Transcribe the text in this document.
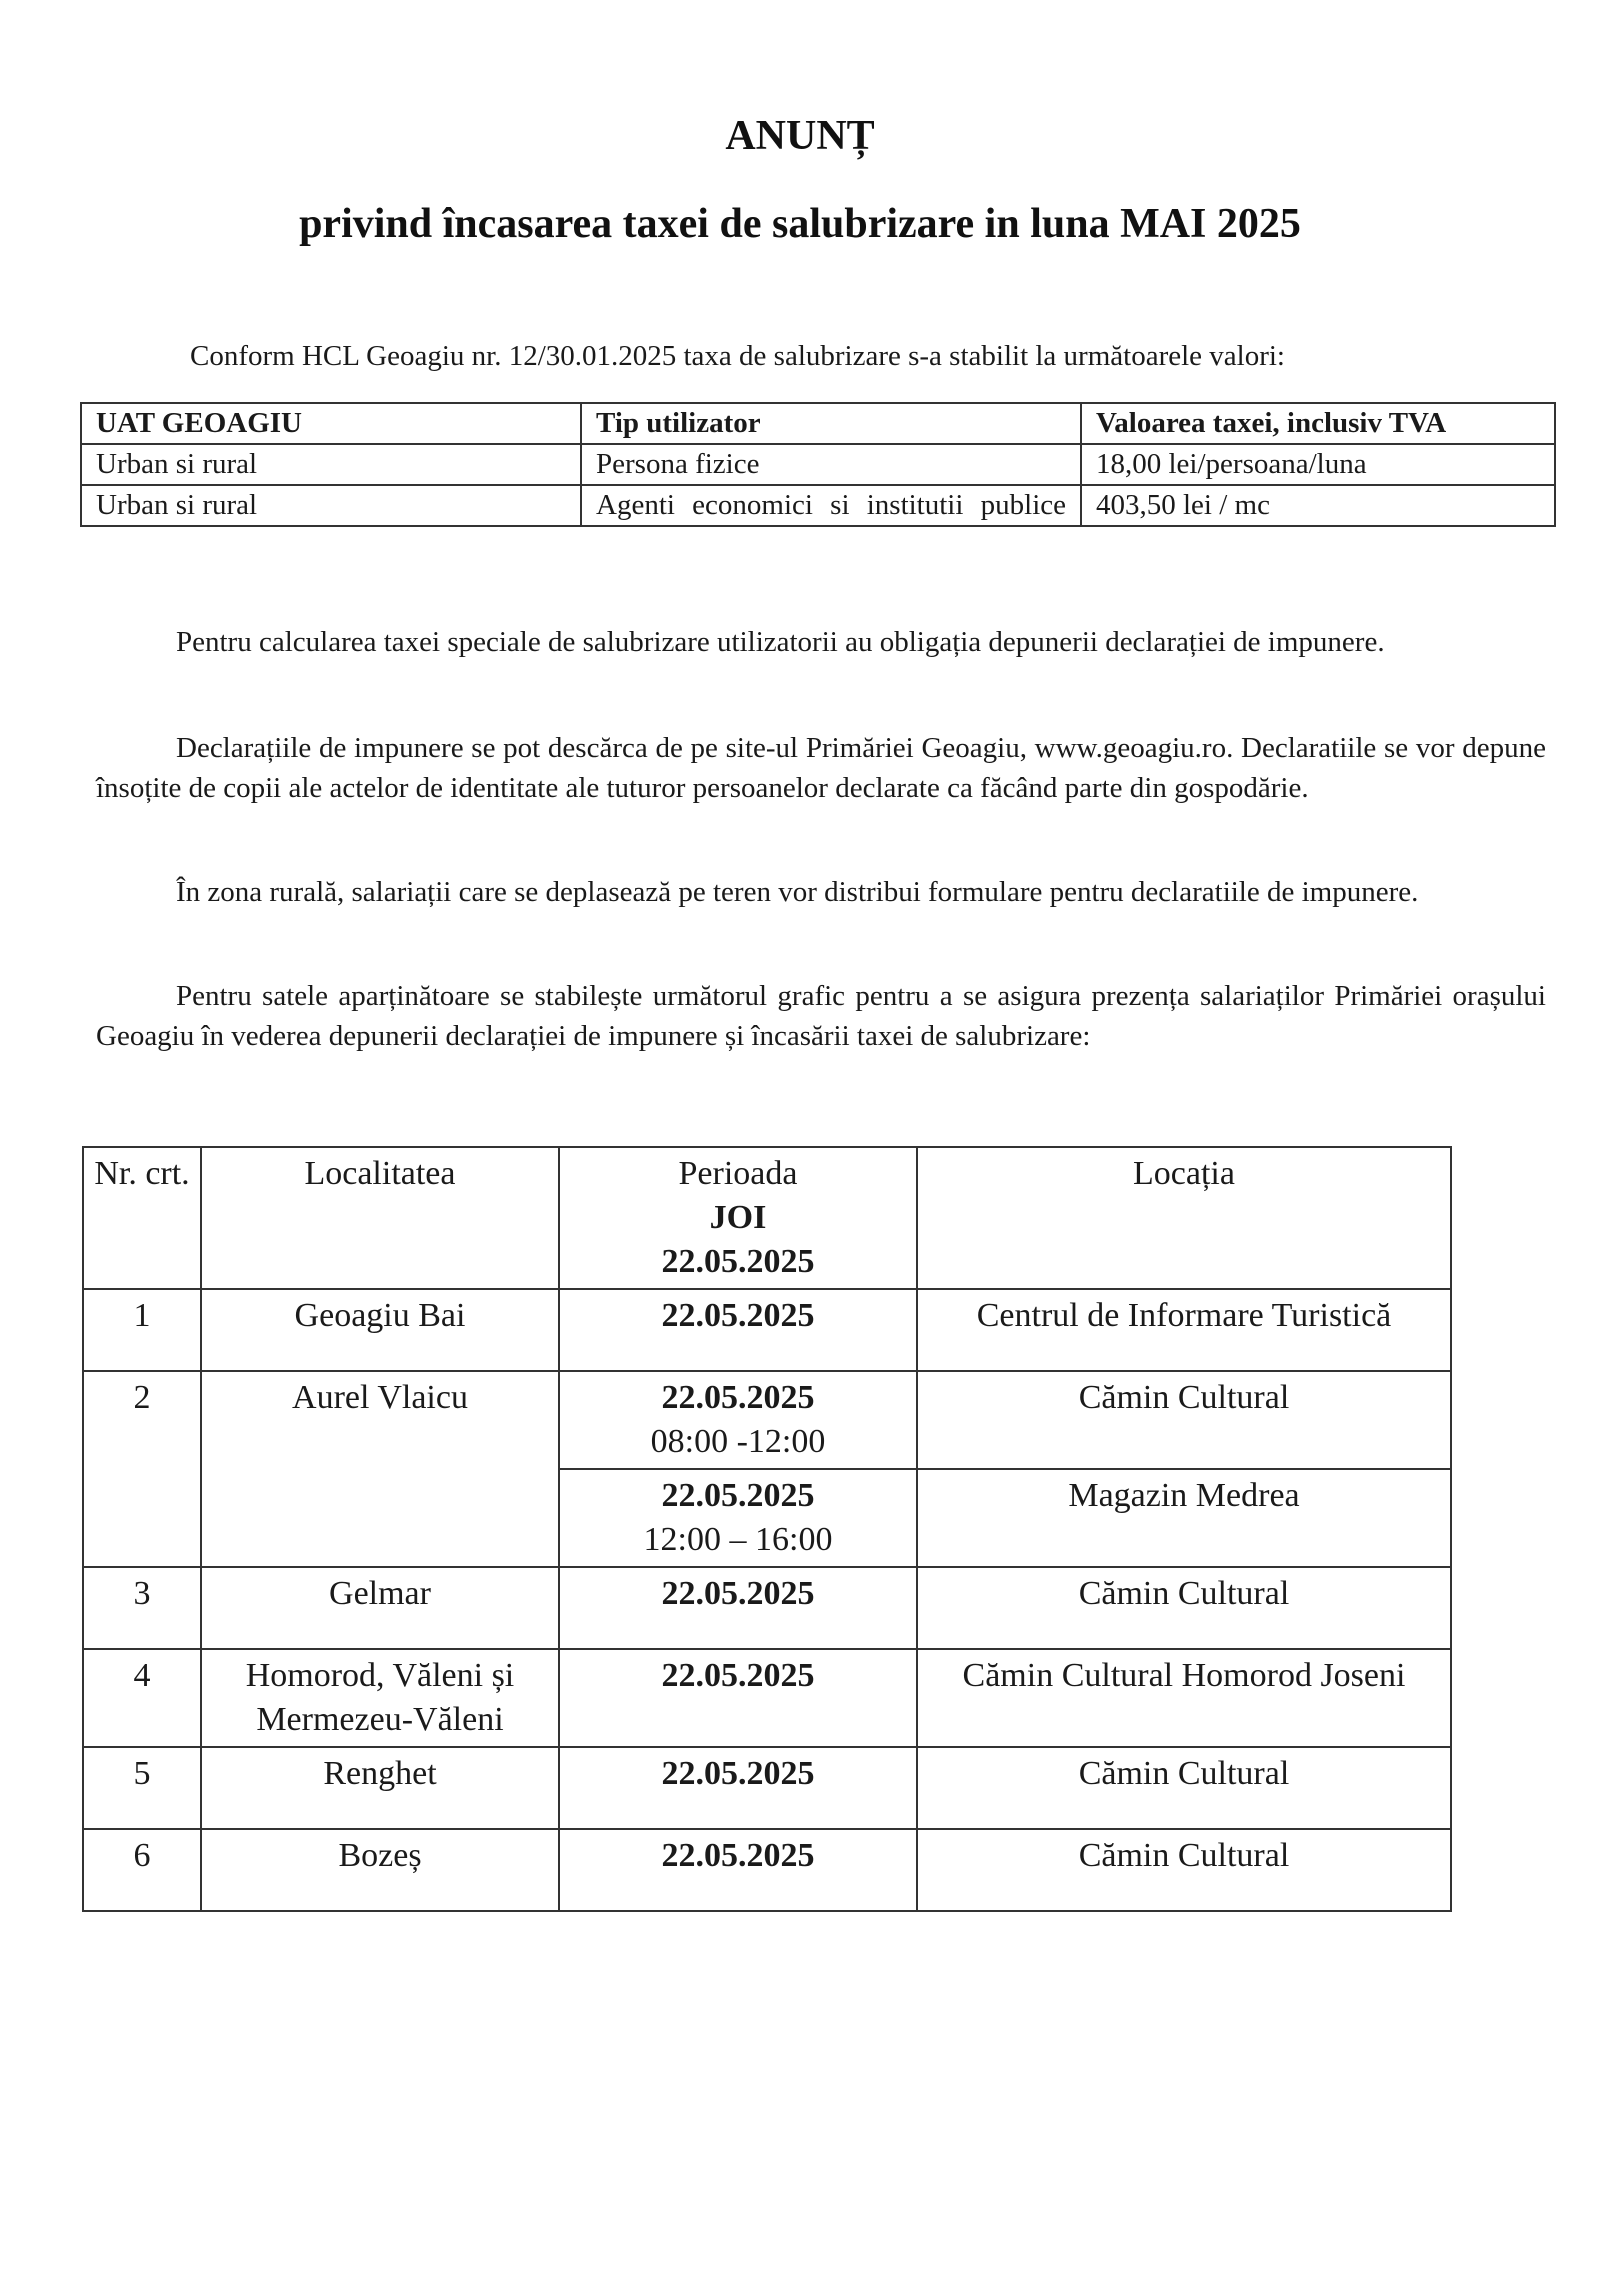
ANUNȚ
privind încasarea taxei de salubrizare in luna MAI 2025
Conform HCL Geoagiu nr. 12/30.01.2025 taxa de salubrizare s-a stabilit la următoarele valori:
UAT GEOAGIU	Tip utilizator	Valoarea taxei, inclusiv TVA
Urban si rural	Persona fizice	18,00 lei/persoana/luna
Urban si rural	Agenti economici si institutii publice	403,50 lei / mc
Pentru calcularea taxei speciale de salubrizare utilizatorii au obligația depunerii declarației de impunere.
Declarațiile de impunere se pot descărca de pe site-ul Primăriei Geoagiu, www.geoagiu.ro. Declaratiile se vor depune însoțite de copii ale actelor de identitate ale tuturor persoanelor declarate ca făcând parte din gospodărie.
În zona rurală, salariații care se deplasează pe teren vor distribui formulare pentru declaratiile de impunere.
Pentru satele aparținătoare se stabilește următorul grafic pentru a se asigura prezența salariaților Primăriei orașului Geoagiu în vederea depunerii declarației de impunere și încasării taxei de salubrizare:
Nr. crt.	Localitatea	Perioada
JOI
22.05.2025	Locația
1	Geoagiu Bai	22.05.2025	Centrul de Informare Turistică
2	Aurel Vlaicu	22.05.2025
08:00 -12:00	Cămin Cultural

		22.05.2025
12:00 – 16:00	Magazin Medrea
3	Gelmar	22.05.2025	Cămin Cultural
4	Homorod, Văleni și Mermezeu-Văleni	22.05.2025	Cămin Cultural Homorod Joseni
5	Renghet	22.05.2025	Cămin Cultural
6	Bozeș	22.05.2025	Cămin Cultural
